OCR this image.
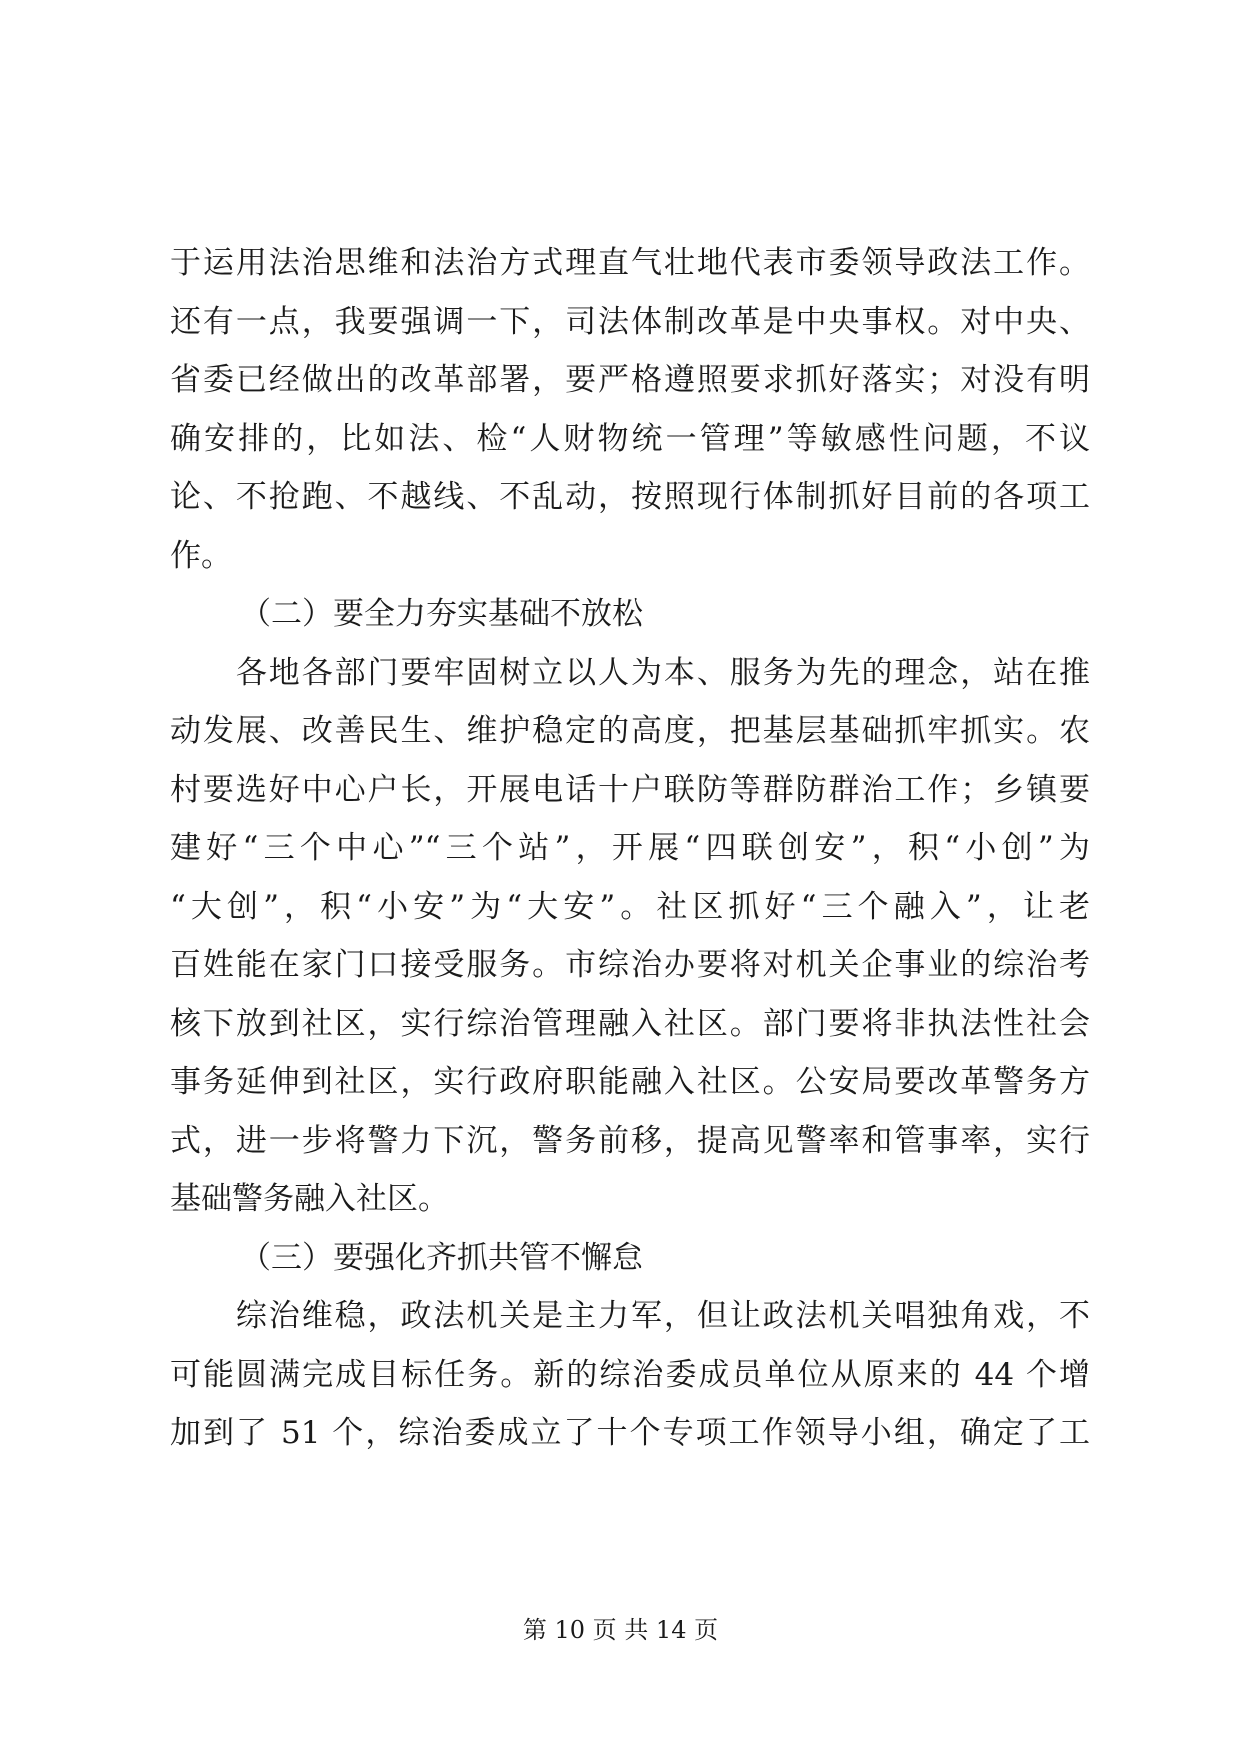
于运用法治思维和法治方式理直气壮地代表市委领导政法工作。
还有一点，我要强调一下，司法体制改革是中央事权。对中央、
省委已经做出的改革部署，要严格遵照要求抓好落实；对没有明
确安排的，比如法、检“人财物统一管理”等敏感性问题，不议
论、不抢跑、不越线、不乱动，按照现行体制抓好目前的各项工
作。
（二）要全力夯实基础不放松
　　各地各部门要牢固树立以人为本、服务为先的理念，站在推
动发展、改善民生、维护稳定的高度，把基层基础抓牢抓实。农
村要选好中心户长，开展电话十户联防等群防群治工作；乡镇要
建好“三个中心”“三个站”，开展“四联创安”，积“小创”为
“大创”，积“小安”为“大安”。社区抓好“三个融入”，让老
百姓能在家门口接受服务。市综治办要将对机关企事业的综治考
核下放到社区，实行综治管理融入社区。部门要将非执法性社会
事务延伸到社区，实行政府职能融入社区。公安局要改革警务方
式，进一步将警力下沉，警务前移，提高见警率和管事率，实行
基础警务融入社区。
（三）要强化齐抓共管不懈怠
　　综治维稳，政法机关是主力军，但让政法机关唱独角戏，不
可能圆满完成目标任务。新的综治委成员单位从原来的 44 个增
加到了 51 个，综治委成立了十个专项工作领导小组，确定了工
第 10 页 共 14 页
